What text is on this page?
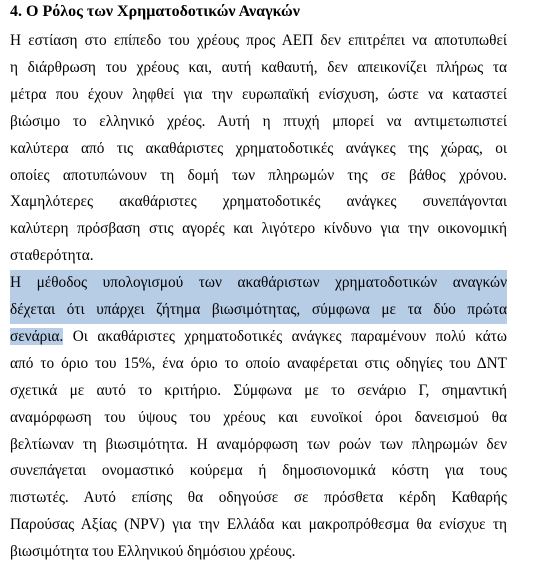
4. Ο Ρόλος των Χρηματοδοτικών Αναγκών
Η εστίαση στο επίπεδο του χρέους προς ΑΕΠ δεν επιτρέπει να αποτυπωθεί
η διάρθρωση του χρέους και, αυτή καθαυτή, δεν απεικονίζει πλήρως τα
μέτρα που έχουν ληφθεί για την ευρωπαϊκή ενίσχυση, ώστε να καταστεί
βιώσιμο το ελληνικό χρέος. Αυτή η πτυχή μπορεί να αντιμετωπιστεί
καλύτερα από τις ακαθάριστες χρηματοδοτικές ανάγκες της χώρας, οι
οποίες αποτυπώνουν τη δομή των πληρωμών της σε βάθος χρόνου.
Χαμηλότερες ακαθάριστες χρηματοδοτικές ανάγκες συνεπάγονται
καλύτερη πρόσβαση στις αγορές και λιγότερο κίνδυνο για την οικονομική
σταθερότητα.
Η μέθοδος υπολογισμού των ακαθάριστων χρηματοδοτικών αναγκών
δέχεται ότι υπάρχει ζήτημα βιωσιμότητας, σύμφωνα με τα δύο πρώτα
σενάρια. Οι ακαθάριστες χρηματοδοτικές ανάγκες παραμένουν πολύ κάτω
από το όριο του 15%, ένα όριο το οποίο αναφέρεται στις οδηγίες του ΔΝΤ
σχετικά με αυτό το κριτήριο. Σύμφωνα με το σενάριο Γ, σημαντική
αναμόρφωση του ύψους του χρέους και ευνοϊκοί όροι δανεισμού θα
βελτίωναν τη βιωσιμότητα. Η αναμόρφωση των ροών των πληρωμών δεν
συνεπάγεται ονομαστικό κούρεμα ή δημοσιονομικά κόστη για τους
πιστωτές. Αυτό επίσης θα οδηγούσε σε πρόσθετα κέρδη Καθαρής
Παρούσας Αξίας (NPV) για την Ελλάδα και μακροπρόθεσμα θα ενίσχυε τη
βιωσιμότητα του Ελληνικού δημόσιου χρέους.
